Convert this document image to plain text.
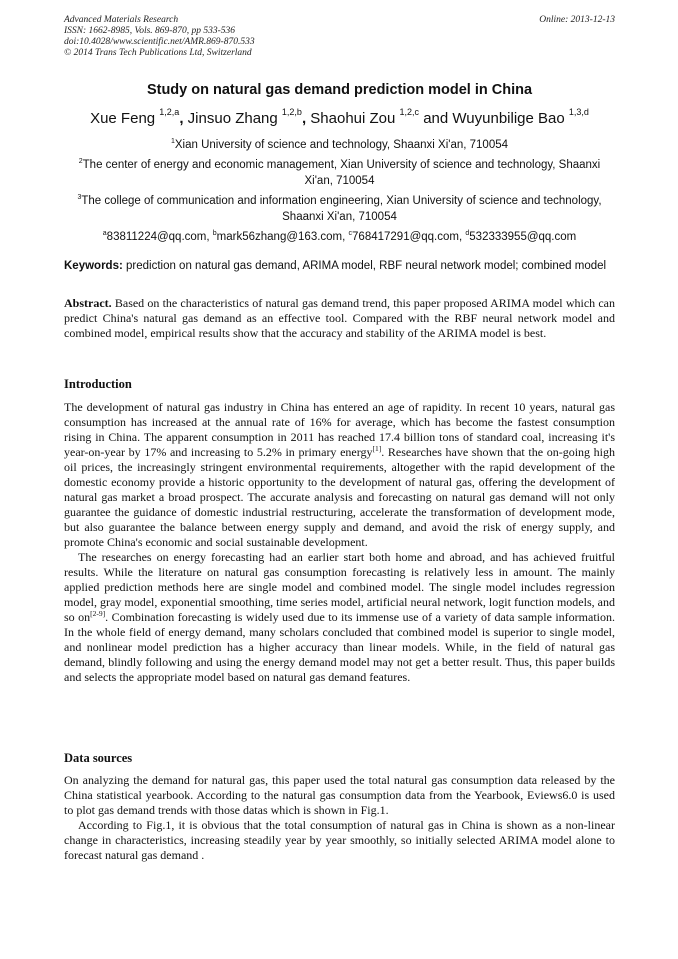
Advanced Materials Research
ISSN: 1662-8985, Vols. 869-870, pp 533-536
doi:10.4028/www.scientific.net/AMR.869-870.533
© 2014 Trans Tech Publications Ltd, Switzerland
Online: 2013-12-13
Study on natural gas demand prediction model in China
Xue Feng $^{1,2,a}$, Jinsuo Zhang $^{1,2,b}$, Shaohui Zou $^{1,2,c}$ and Wuyunbilige Bao $^{1,3,d}$
$^1$Xian University of science and technology, Shaanxi Xi'an, 710054
$^2$The center of energy and economic management, Xian University of science and technology, Shaanxi Xi'an, 710054
$^3$The college of communication and information engineering, Xian University of science and technology, Shaanxi Xi'an, 710054
$^a$83811224@qq.com, $^b$mark56zhang@163.com, $^c$768417291@qq.com, $^d$532333955@qq.com
Keywords: prediction on natural gas demand, ARIMA model, RBF neural network model; combined model
Abstract. Based on the characteristics of natural gas demand trend, this paper proposed ARIMA model which can predict China's natural gas demand as an effective tool. Compared with the RBF neural network model and combined model, empirical results show that the accuracy and stability of the ARIMA model is best.
Introduction

The development of natural gas industry in China has entered an age of rapidity. In recent 10 years, natural gas consumption has increased at the annual rate of 16% for average, which has become the fastest consumption rising in China. The apparent consumption in 2011 has reached 17.4 billion tons of standard coal, increasing it's year-on-year by 17% and increasing to 5.2% in primary energy[1]. Researches have shown that the on-going high oil prices, the increasingly stringent environmental requirements, altogether with the rapid development of the domestic economy provide a historic opportunity to the development of natural gas, offering the development of natural gas market a broad prospect. The accurate analysis and forecasting on natural gas demand will not only guarantee the guidance of domestic industrial restructuring, accelerate the transformation of development mode, but also guarantee the balance between energy supply and demand, and avoid the risk of energy supply, and promote China's economic and social sustainable development.

The researches on energy forecasting had an earlier start both home and abroad, and has achieved fruitful results. While the literature on natural gas consumption forecasting is relatively less in amount. The mainly applied prediction methods here are single model and combined model. The single model includes regression model, gray model, exponential smoothing, time series model, artificial neural network, logit function models, and so on[2-9]. Combination forecasting is widely used due to its immense use of a variety of data sample information. In the whole field of energy demand, many scholars concluded that combined model is superior to single model, and nonlinear model prediction has a higher accuracy than linear models. While, in the field of natural gas demand, blindly following and using the energy demand model may not get a better result. Thus, this paper builds and selects the appropriate model based on natural gas demand features.

Data sources

On analyzing the demand for natural gas, this paper used the total natural gas consumption data released by the China statistical yearbook. According to the natural gas consumption data from the Yearbook, Eviews6.0 is used to plot gas demand trends with those datas which is shown in Fig.1.

According to Fig.1, it is obvious that the total consumption of natural gas in China is shown as a non-linear change in characteristics, increasing steadily year by year smoothly, so initially selected ARIMA model alone to forecast natural gas demand .
